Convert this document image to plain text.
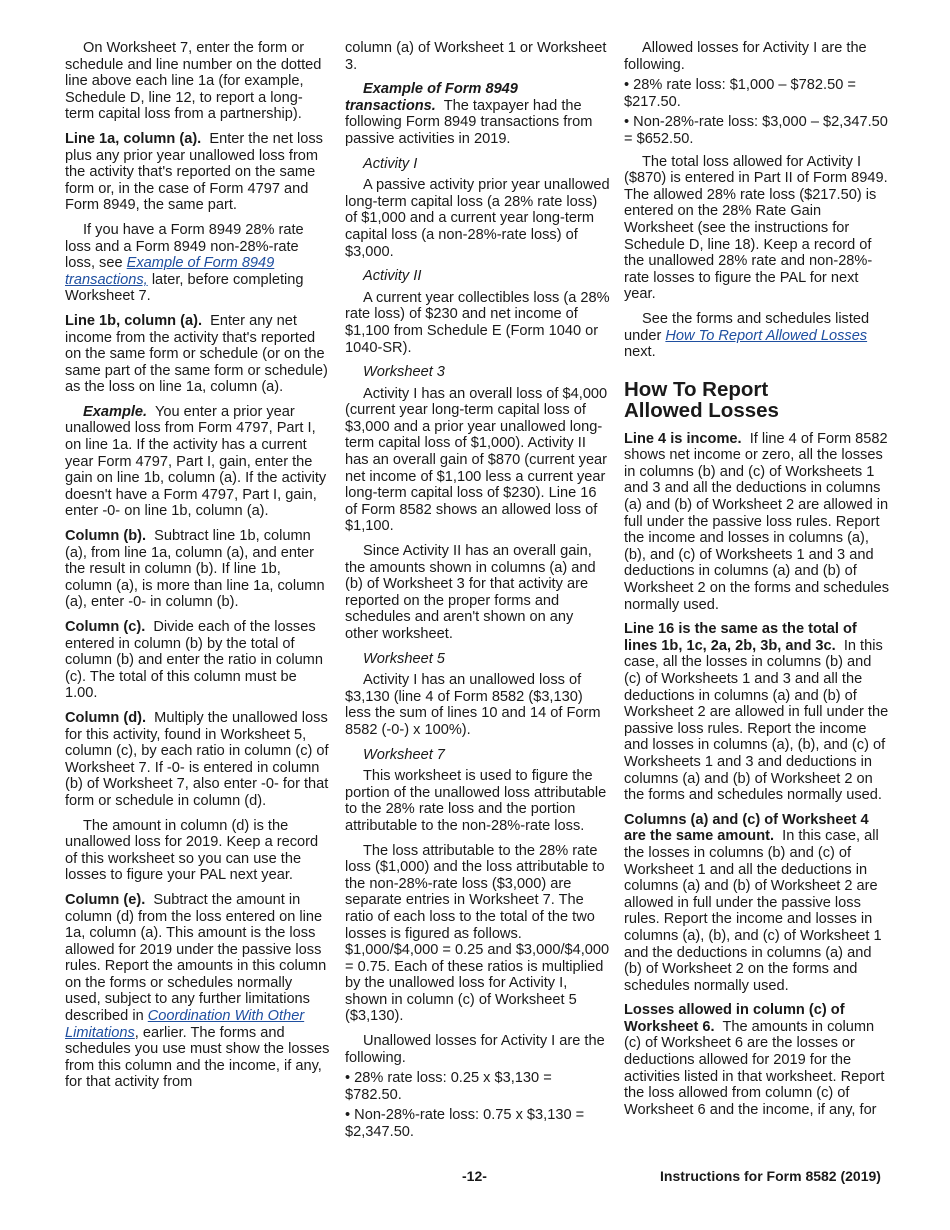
On Worksheet 7, enter the form or schedule and line number on the dotted line above each line 1a (for example, Schedule D, line 12, to report a long-term capital loss from a partnership).

Line 1a, column (a). Enter the net loss plus any prior year unallowed loss from the activity that's reported on the same form or, in the case of Form 4797 and Form 8949, the same part.

If you have a Form 8949 28% rate loss and a Form 8949 non-28%-rate loss, see Example of Form 8949 transactions, later, before completing Worksheet 7.

Line 1b, column (a). Enter any net income from the activity that's reported on the same form or schedule (or on the same part of the same form or schedule) as the loss on line 1a, column (a).

Example. You enter a prior year unallowed loss from Form 4797, Part I, on line 1a. If the activity has a current year Form 4797, Part I, gain, enter the gain on line 1b, column (a). If the activity doesn't have a Form 4797, Part I, gain, enter -0- on line 1b, column (a).

Column (b). Subtract line 1b, column (a), from line 1a, column (a), and enter the result in column (b). If line 1b, column (a), is more than line 1a, column (a), enter -0- in column (b).

Column (c). Divide each of the losses entered in column (b) by the total of column (b) and enter the ratio in column (c). The total of this column must be 1.00.

Column (d). Multiply the unallowed loss for this activity, found in Worksheet 5, column (c), by each ratio in column (c) of Worksheet 7. If -0- is entered in column (b) of Worksheet 7, also enter -0- for that form or schedule in column (d).

The amount in column (d) is the unallowed loss for 2019. Keep a record of this worksheet so you can use the losses to figure your PAL next year.

Column (e). Subtract the amount in column (d) from the loss entered on line 1a, column (a). This amount is the loss allowed for 2019 under the passive loss rules. Report the amounts in this column on the forms or schedules normally used, subject to any further limitations described in Coordination With Other Limitations, earlier. The forms and schedules you use must show the losses from this column and the income, if any, for that activity from

column (a) of Worksheet 1 or Worksheet 3.

Example of Form 8949 transactions. The taxpayer had the following Form 8949 transactions from passive activities in 2019.

Activity I

A passive activity prior year unallowed long-term capital loss (a 28% rate loss) of $1,000 and a current year long-term capital loss (a non-28%-rate loss) of $3,000.

Activity II

A current year collectibles loss (a 28% rate loss) of $230 and net income of $1,100 from Schedule E (Form 1040 or 1040-SR).

Worksheet 3

Activity I has an overall loss of $4,000 (current year long-term capital loss of $3,000 and a prior year unallowed long-term capital loss of $1,000). Activity II has an overall gain of $870 (current year net income of $1,100 less a current year long-term capital loss of $230). Line 16 of Form 8582 shows an allowed loss of $1,100.

Since Activity II has an overall gain, the amounts shown in columns (a) and (b) of Worksheet 3 for that activity are reported on the proper forms and schedules and aren't shown on any other worksheet.

Worksheet 5

Activity I has an unallowed loss of $3,130 (line 4 of Form 8582 ($3,130) less the sum of lines 10 and 14 of Form 8582 (-0-) x 100%).

Worksheet 7

This worksheet is used to figure the portion of the unallowed loss attributable to the 28% rate loss and the portion attributable to the non-28%-rate loss.

The loss attributable to the 28% rate loss ($1,000) and the loss attributable to the non-28%-rate loss ($3,000) are separate entries in Worksheet 7. The ratio of each loss to the total of the two losses is figured as follows. $1,000/$4,000 = 0.25 and $3,000/$4,000 = 0.75. Each of these ratios is multiplied by the unallowed loss for Activity I, shown in column (c) of Worksheet 5 ($3,130).

Unallowed losses for Activity I are the following.

• 28% rate loss: 0.25 x $3,130 = $782.50.

• Non-28%-rate loss: 0.75 x $3,130 = $2,347.50.

Allowed losses for Activity I are the following.

• 28% rate loss: $1,000 – $782.50 = $217.50.

• Non-28%-rate loss: $3,000 – $2,347.50 = $652.50.

The total loss allowed for Activity I ($870) is entered in Part II of Form 8949. The allowed 28% rate loss ($217.50) is entered on the 28% Rate Gain Worksheet (see the instructions for Schedule D, line 18). Keep a record of the unallowed 28% rate and non-28%-rate losses to figure the PAL for next year.

See the forms and schedules listed under How To Report Allowed Losses next.

How To Report
Allowed Losses

Line 4 is income. If line 4 of Form 8582 shows net income or zero, all the losses in columns (b) and (c) of Worksheets 1 and 3 and all the deductions in columns (a) and (b) of Worksheet 2 are allowed in full under the passive loss rules. Report the income and losses in columns (a), (b), and (c) of Worksheets 1 and 3 and deductions in columns (a) and (b) of Worksheet 2 on the forms and schedules normally used.

Line 16 is the same as the total of lines 1b, 1c, 2a, 2b, 3b, and 3c. In this case, all the losses in columns (b) and (c) of Worksheets 1 and 3 and all the deductions in columns (a) and (b) of Worksheet 2 are allowed in full under the passive loss rules. Report the income and losses in columns (a), (b), and (c) of Worksheets 1 and 3 and deductions in columns (a) and (b) of Worksheet 2 on the forms and schedules normally used.

Columns (a) and (c) of Worksheet 4 are the same amount. In this case, all the losses in columns (b) and (c) of Worksheet 1 and all the deductions in columns (a) and (b) of Worksheet 2 are allowed in full under the passive loss rules. Report the income and losses in columns (a), (b), and (c) of Worksheet 1 and the deductions in columns (a) and (b) of Worksheet 2 on the forms and schedules normally used.

Losses allowed in column (c) of Worksheet 6. The amounts in column (c) of Worksheet 6 are the losses or deductions allowed for 2019 for the activities listed in that worksheet. Report the loss allowed from column (c) of Worksheet 6 and the income, if any, for

-12-	Instructions for Form 8582 (2019)
